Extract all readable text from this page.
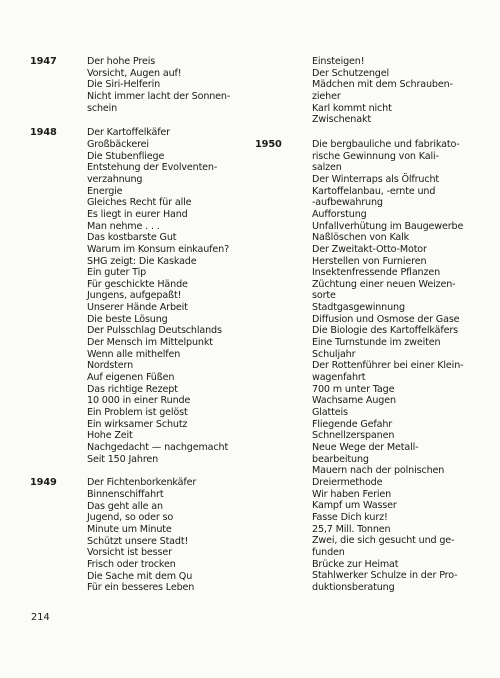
1947	Der hohe Preis
Vorsicht, Augen auf!
Die Siri-Helferin
Nicht immer lacht der Sonnen-
schein
1948	Der Kartoffelkäfer
Großbäckerei
Die Stubenfliege
Entstehung der Evolventen-
verzahnung
Energie
Gleiches Recht für alle
Es liegt in eurer Hand
Man nehme . . .
Das kostbarste Gut
Warum im Konsum einkaufen?
SHG zeigt: Die Kaskade
Ein guter Tip
Für geschickte Hände
Jungens, aufgepaßt!
Unserer Hände Arbeit
Die beste Lösung
Der Pulsschlag Deutschlands
Der Mensch im Mittelpunkt
Wenn alle mithelfen
Nordstern
Auf eigenen Füßen
Das richtige Rezept
10 000 in einer Runde
Ein Problem ist gelöst
Ein wirksamer Schutz
Hohe Zeit
Nachgedacht — nachgemacht
Seit 150 Jahren
1949	Der Fichtenborkenkäfer
Binnenschiffahrt
Das geht alle an
Jugend, so oder so
Minute um Minute
Schützt unsere Stadt!
Vorsicht ist besser
Frisch oder trocken
Die Sache mit dem Qu
Für ein besseres Leben
Einsteigen!
Der Schutzengel
Mädchen mit dem Schrauben-
zieher
Karl kommt nicht
Zwischenakt
1950	Die bergbauliche und fabrikato-
rische Gewinnung von Kali-
salzen
Der Winterraps als Ölfrucht
Kartoffelanbau, -ernte und
-aufbewahrung
Aufforstung
Unfallverhütung im Baugewerbe
Naßlöschen von Kalk
Der Zweitakt-Otto-Motor
Herstellen von Furnieren
Insektenfressende Pflanzen
Züchtung einer neuen Weizen-
sorte
Stadtgasgewinnung
Diffusion und Osmose der Gase
Die Biologie des Kartoffelkäfers
Eine Turnstunde im zweiten
Schuljahr
Der Rottenführer bei einer Klein-
wagenfahrt
700 m unter Tage
Wachsame Augen
Glatteis
Fliegende Gefahr
Schnellzerspanen
Neue Wege der Metall-
bearbeitung
Mauern nach der polnischen
Dreiermethode
Wir haben Ferien
Kampf um Wasser
Fasse Dich kurz!
25,7 Mill. Tonnen
Zwei, die sich gesucht und ge-
funden
Brücke zur Heimat
Stahlwerker Schulze in der Pro-
duktionsberatung
214
